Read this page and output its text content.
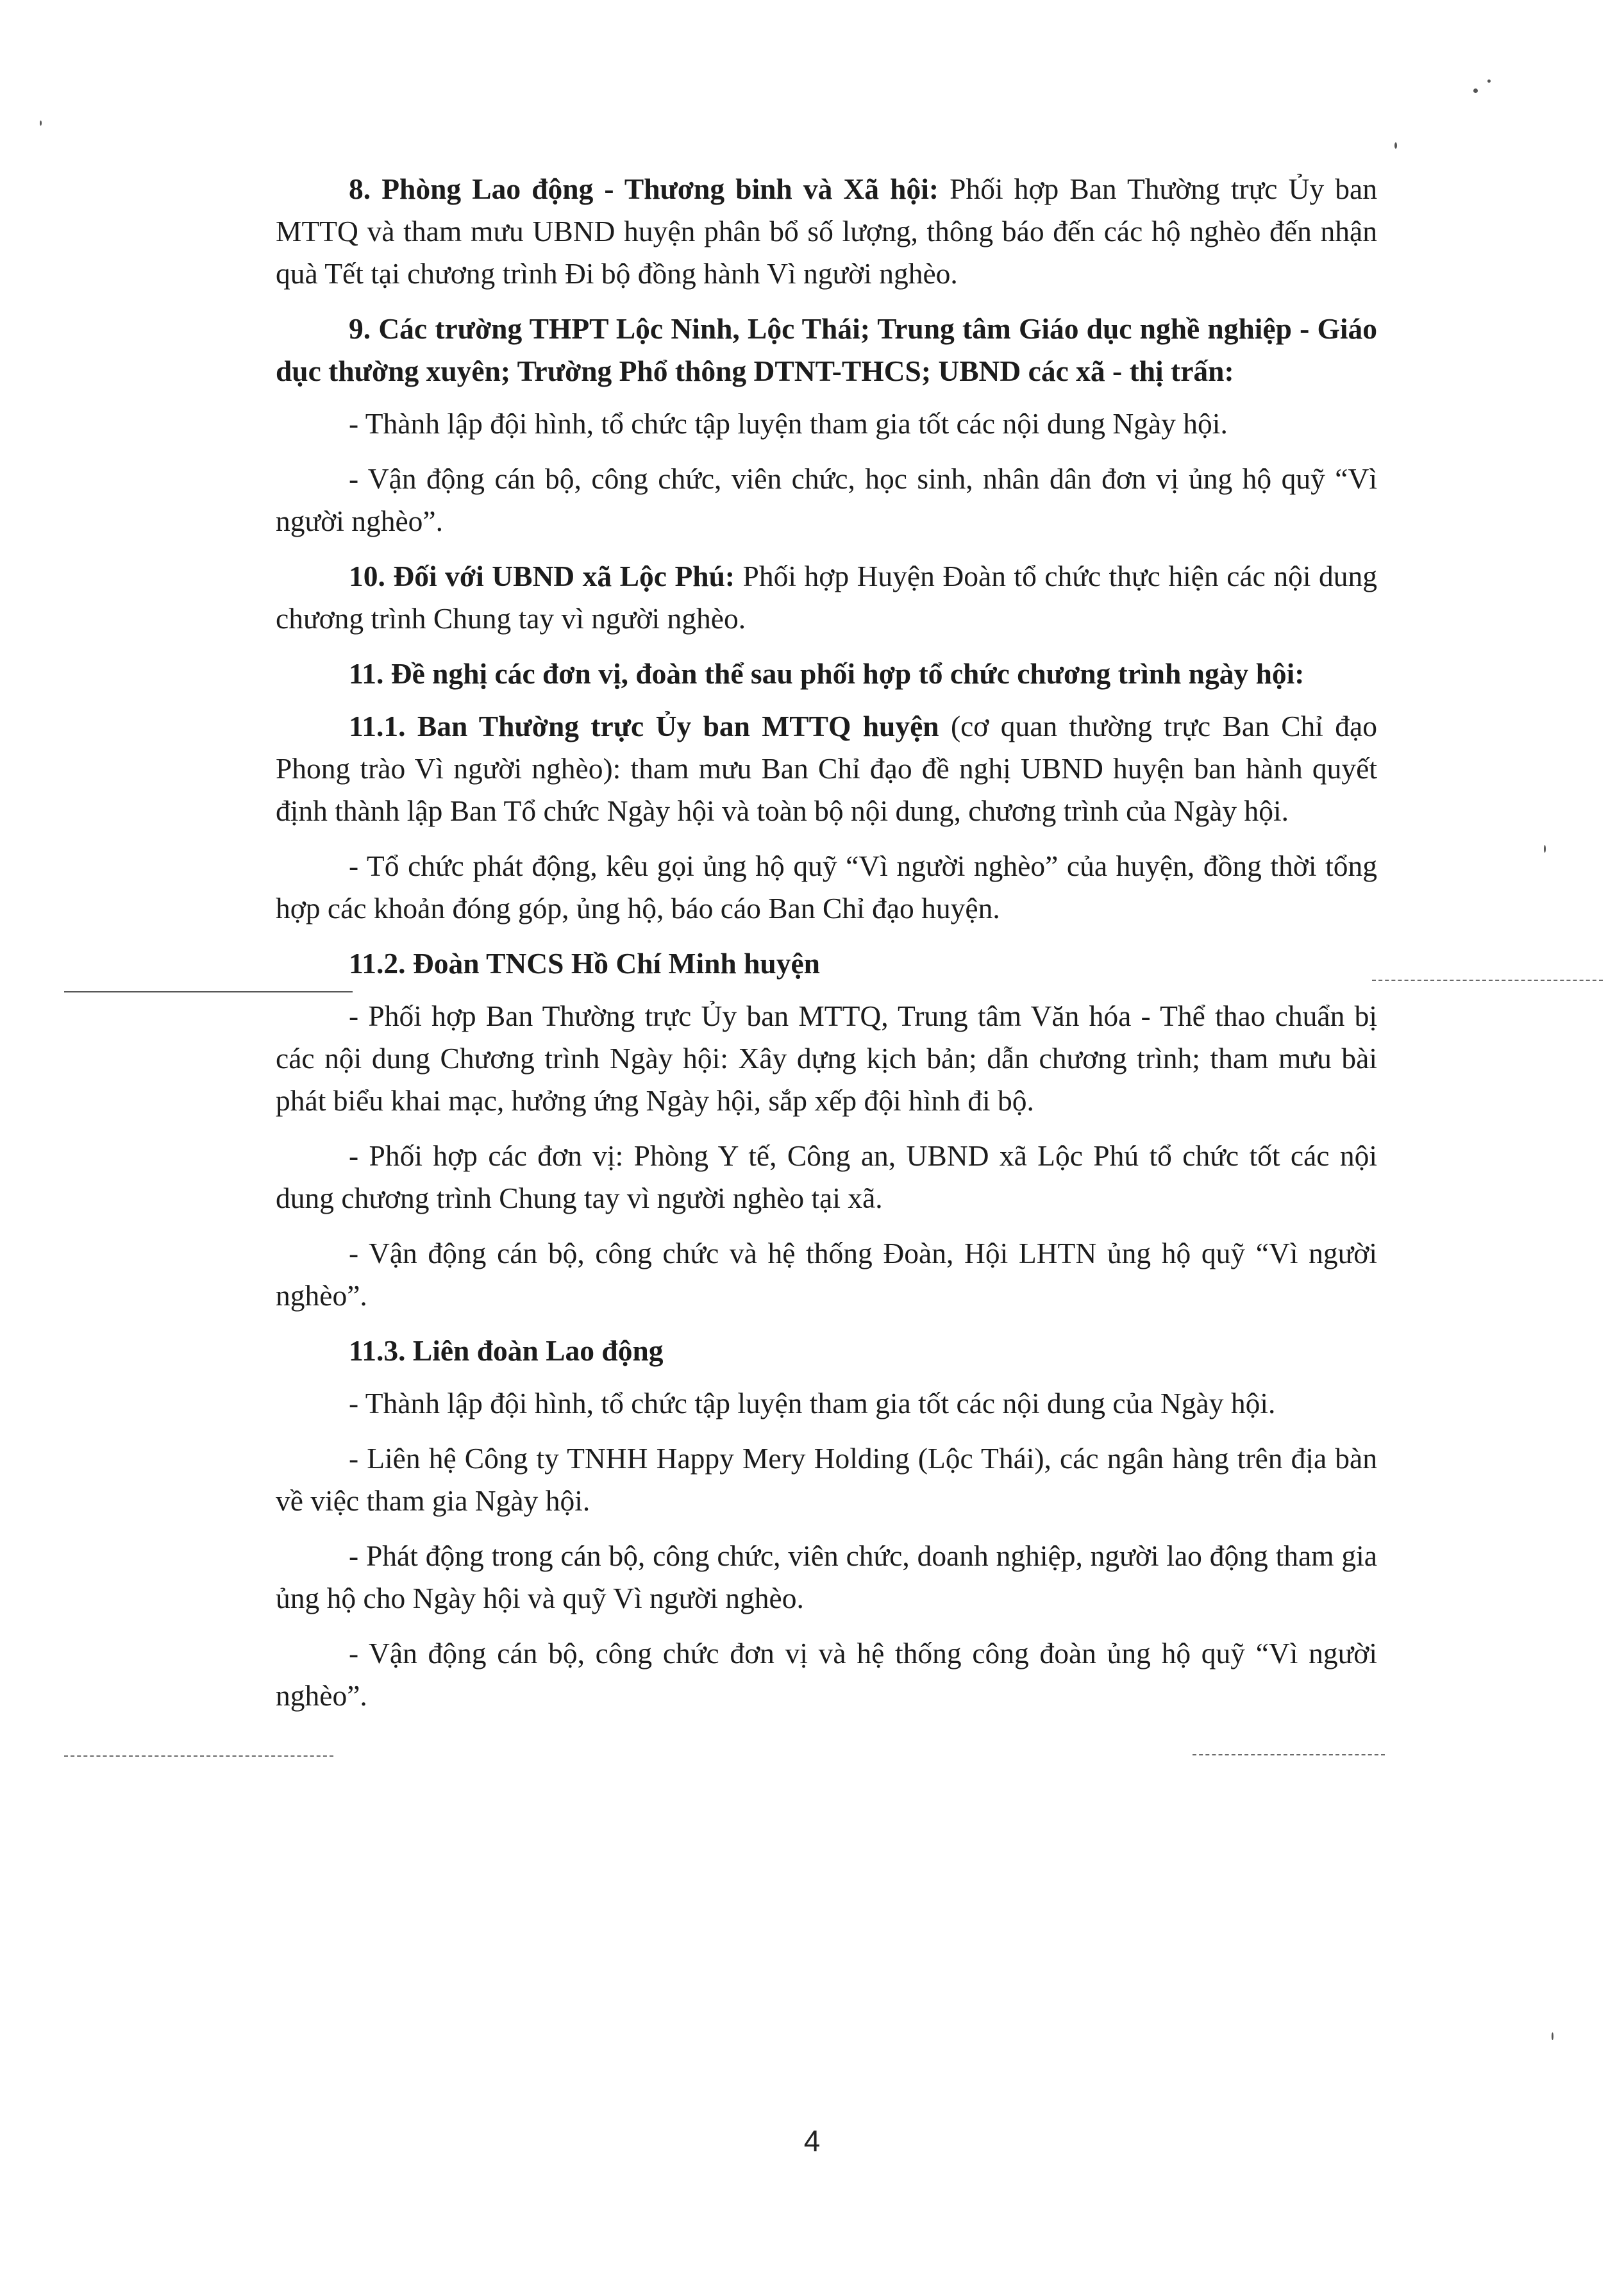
8. Phòng Lao động - Thương binh và Xã hội: Phối hợp Ban Thường trực Ủy ban MTTQ và tham mưu UBND huyện phân bổ số lượng, thông báo đến các hộ nghèo đến nhận quà Tết tại chương trình Đi bộ đồng hành Vì người nghèo.

9. Các trường THPT Lộc Ninh, Lộc Thái; Trung tâm Giáo dục nghề nghiệp - Giáo dục thường xuyên; Trường Phổ thông DTNT-THCS; UBND các xã - thị trấn:

- Thành lập đội hình, tổ chức tập luyện tham gia tốt các nội dung Ngày hội.

- Vận động cán bộ, công chức, viên chức, học sinh, nhân dân đơn vị ủng hộ quỹ “Vì người nghèo”.

10. Đối với UBND xã Lộc Phú: Phối hợp Huyện Đoàn tổ chức thực hiện các nội dung chương trình Chung tay vì người nghèo.

11. Đề nghị các đơn vị, đoàn thể sau phối hợp tổ chức chương trình ngày hội:

11.1. Ban Thường trực Ủy ban MTTQ huyện (cơ quan thường trực Ban Chỉ đạo Phong trào Vì người nghèo): tham mưu Ban Chỉ đạo đề nghị UBND huyện ban hành quyết định thành lập Ban Tổ chức Ngày hội và toàn bộ nội dung, chương trình của Ngày hội.

- Tổ chức phát động, kêu gọi ủng hộ quỹ “Vì người nghèo” của huyện, đồng thời tổng hợp các khoản đóng góp, ủng hộ, báo cáo Ban Chỉ đạo huyện.

11.2. Đoàn TNCS Hồ Chí Minh huyện

- Phối hợp Ban Thường trực Ủy ban MTTQ, Trung tâm Văn hóa - Thể thao chuẩn bị các nội dung Chương trình Ngày hội: Xây dựng kịch bản; dẫn chương trình; tham mưu bài phát biểu khai mạc, hưởng ứng Ngày hội, sắp xếp đội hình đi bộ.

- Phối hợp các đơn vị: Phòng Y tế, Công an, UBND xã Lộc Phú tổ chức tốt các nội dung chương trình Chung tay vì người nghèo tại xã.

- Vận động cán bộ, công chức và hệ thống Đoàn, Hội LHTN ủng hộ quỹ “Vì người nghèo”.

11.3. Liên đoàn Lao động

- Thành lập đội hình, tổ chức tập luyện tham gia tốt các nội dung của Ngày hội.

- Liên hệ Công ty TNHH Happy Mery Holding (Lộc Thái), các ngân hàng trên địa bàn về việc tham gia Ngày hội.

- Phát động trong cán bộ, công chức, viên chức, doanh nghiệp, người lao động tham gia ủng hộ cho Ngày hội và quỹ Vì người nghèo.

- Vận động cán bộ, công chức đơn vị và hệ thống công đoàn ủng hộ quỹ “Vì người nghèo”.

4
